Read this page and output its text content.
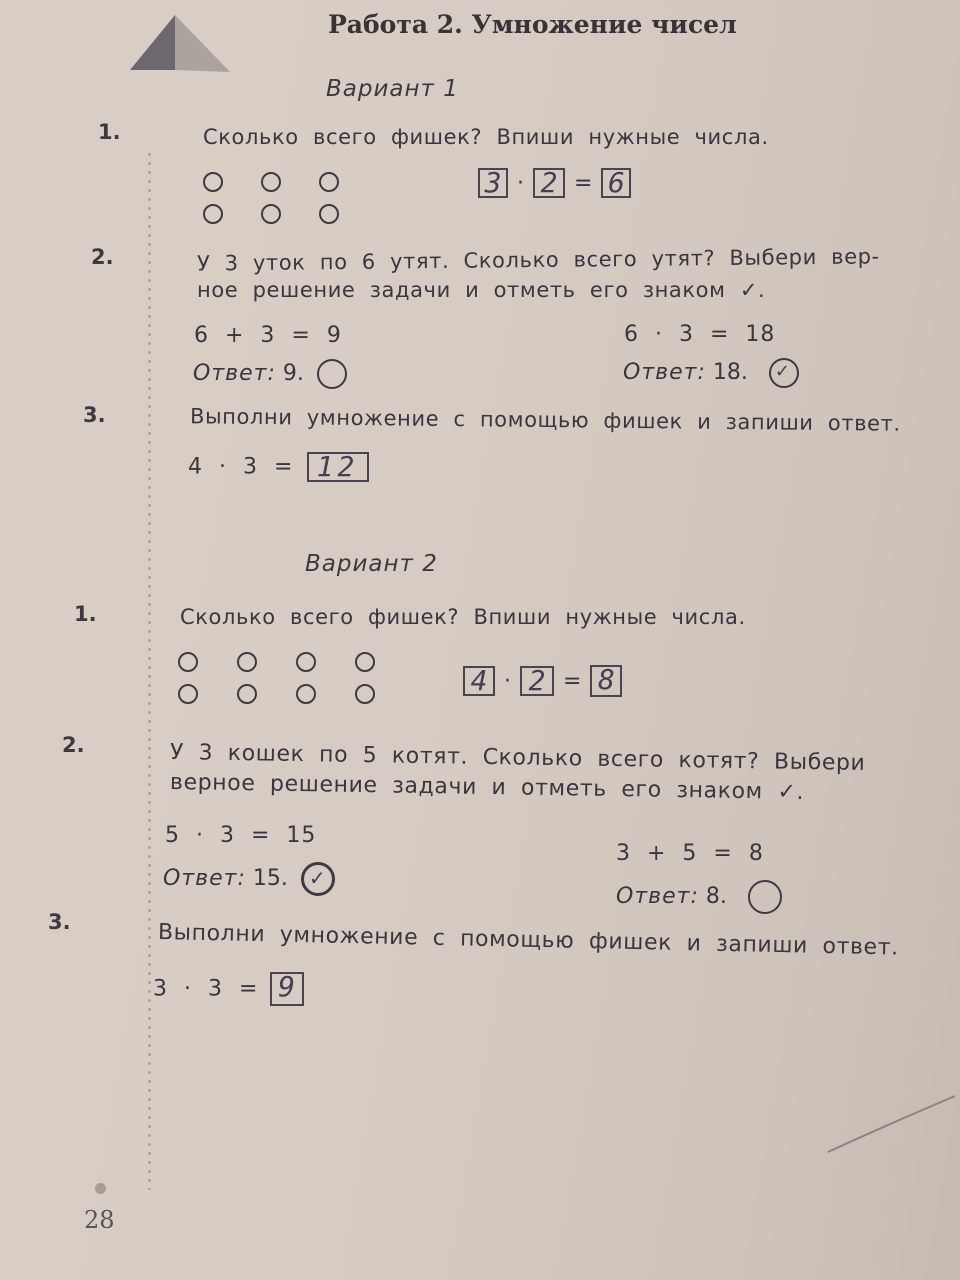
Работа 2. Умножение чисел
Вариант 1
1.	Сколько всего фишек? Впиши нужные числа.
3 · 2 = 6
2.	У 3 уток по 6 утят. Сколько всего утят? Выбери вер-
ное решение задачи и отметь его знаком ✓.
6 + 3 = 9
Ответ: 9.
6 · 3 = 18
Ответ: 18. ✓
3.	Выполни умножение с помощью фишек и запиши ответ.
4 · 3 = 12
Вариант 2
1.	Сколько всего фишек? Впиши нужные числа.
4 · 2 = 8
2.	У 3 кошек по 5 котят. Сколько всего котят? Выбери
верное решение задачи и отметь его знаком ✓.
5 · 3 = 15
Ответ: 15. ✓
3 + 5 = 8
Ответ: 8.
3.	Выполни умножение с помощью фишек и запиши ответ.
3 · 3 = 9
28
